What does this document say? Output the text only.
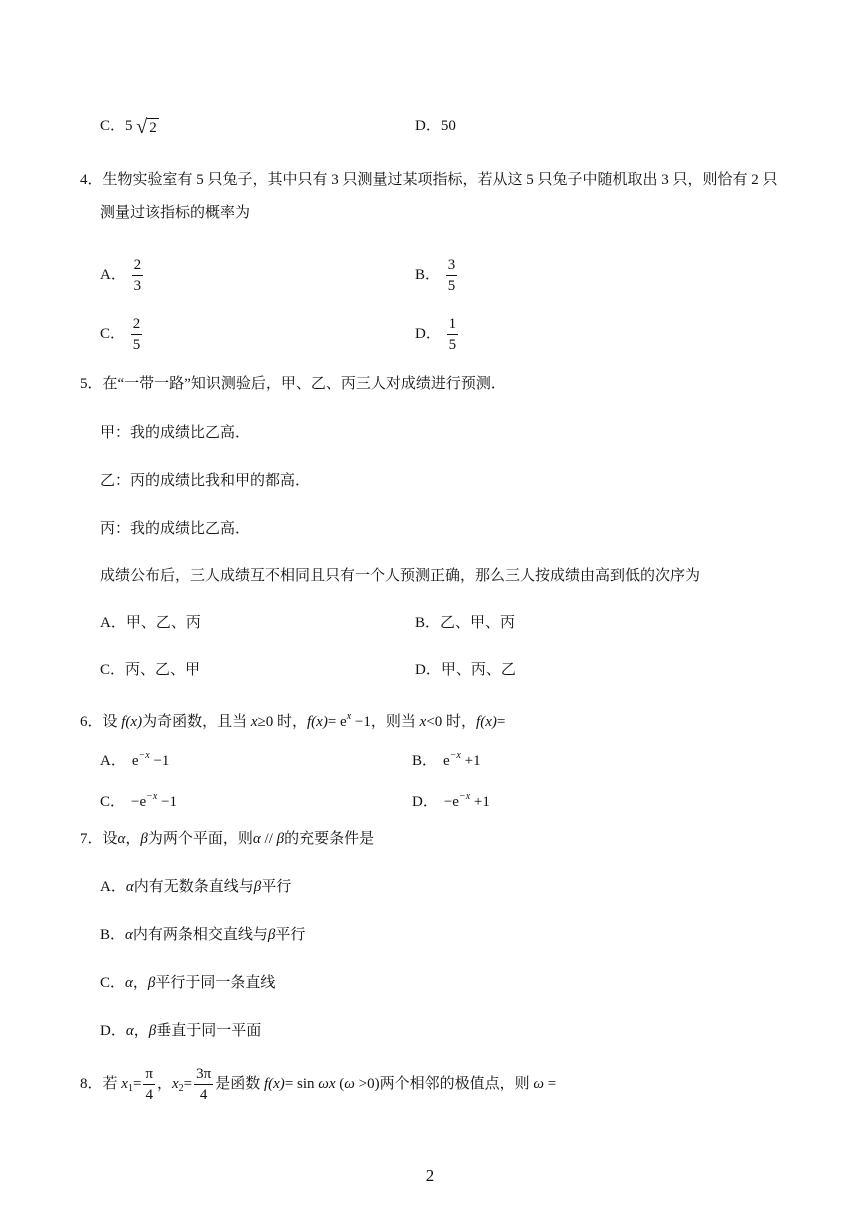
C．5 √ 2	D．50
4．生物实验室有 5 只兔子，其中只有 3 只测量过某项指标，若从这 5 只兔子中随机取出 3 只，则恰有 2 只
测量过该指标的概率为
A． $\frac{2}{3}$	B． $\frac{3}{5}$
C． $\frac{2}{5}$	D． $\frac{1}{5}$
5．在“一带一路”知识测验后，甲、乙、丙三人对成绩进行预测．
甲：我的成绩比乙高．
乙：丙的成绩比我和甲的都高．
丙：我的成绩比乙高．
成绩公布后，三人成绩互不相同且只有一个人预测正确，那么三人按成绩由高到低的次序为
A．甲、乙、丙	B．乙、甲、丙
C．丙、乙、甲	D．甲、丙、乙
6．设 f(x)为奇函数，且当 x≥0 时，$f(x)= e^x -1$，则当 x<0 时，f(x)=
A． $e^{-x} -1$	B． $e^{-x} +1$
C． $-e^{-x} -1$	D． $-e^{-x} +1$
7．设α，β为两个平面，则α // β的充要条件是
A．α内有无数条直线与β平行
B．α内有两条相交直线与β平行
C．α，β平行于同一条直线
D．α，β垂直于同一平面
8．若 $x_1= \frac{\pi}{4}$ ，$x_2= \frac{3\pi}{4}$ 是函数 f(x)= sin ωx (ω >0)两个相邻的极值点，则 ω =
2
